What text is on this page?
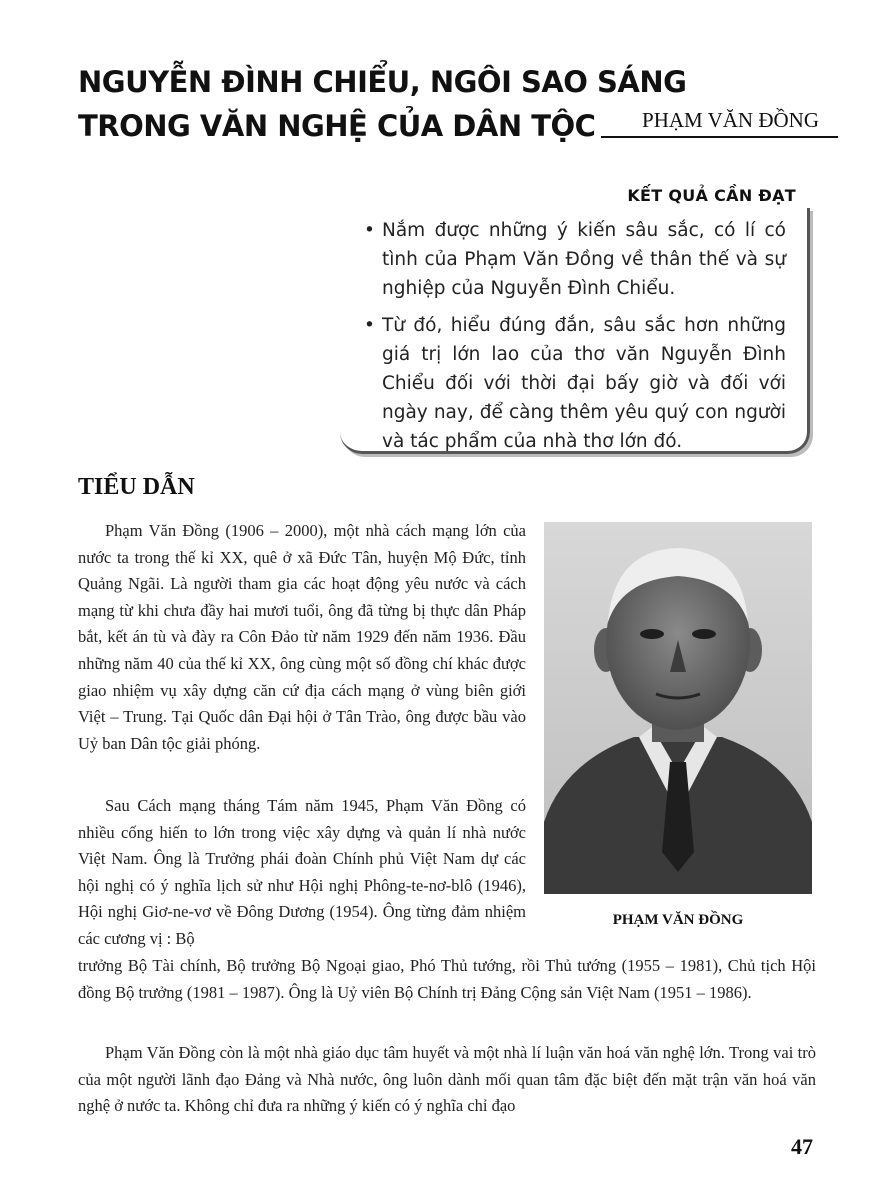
NGUYỄN ĐÌNH CHIỂU, NGÔI SAO SÁNG
TRONG VĂN NGHỆ CỦA DÂN TỘC	PHẠM VĂN ĐỒNG
KẾT QUẢ CẦN ĐẠT
• Nắm được những ý kiến sâu sắc, có lí có tình của Phạm Văn Đồng về thân thế và sự nghiệp của Nguyễn Đình Chiểu.
• Từ đó, hiểu đúng đắn, sâu sắc hơn những giá trị lớn lao của thơ văn Nguyễn Đình Chiểu đối với thời đại bấy giờ và đối với ngày nay, để càng thêm yêu quý con người và tác phẩm của nhà thơ lớn đó.
TIỂU DẪN

Phạm Văn Đồng (1906 – 2000), một nhà cách mạng lớn của nước ta trong thế kỉ XX, quê ở xã Đức Tân, huyện Mộ Đức, tỉnh Quảng Ngãi. Là người tham gia các hoạt động yêu nước và cách mạng từ khi chưa đầy hai mươi tuổi, ông đã từng bị thực dân Pháp bắt, kết án tù và đày ra Côn Đảo từ năm 1929 đến năm 1936. Đầu những năm 40 của thế kỉ XX, ông cùng một số đồng chí khác được giao nhiệm vụ xây dựng căn cứ địa cách mạng ở vùng biên giới Việt – Trung. Tại Quốc dân Đại hội ở Tân Trào, ông được bầu vào Uỷ ban Dân tộc giải phóng.

Sau Cách mạng tháng Tám năm 1945, Phạm Văn Đồng có nhiều cống hiến to lớn trong việc xây dựng và quản lí nhà nước Việt Nam. Ông là Trưởng phái đoàn Chính phủ Việt Nam dự các hội nghị có ý nghĩa lịch sử như Hội nghị Phông-te-nơ-blô (1946), Hội nghị Giơ-ne-vơ về Đông Dương (1954). Ông từng đảm nhiệm các cương vị : Bộ

trưởng Bộ Tài chính, Bộ trưởng Bộ Ngoại giao, Phó Thủ tướng, rồi Thủ tướng (1955 – 1981), Chủ tịch Hội đồng Bộ trưởng (1981 – 1987). Ông là Uỷ viên Bộ Chính trị Đảng Cộng sản Việt Nam (1951 – 1986).

Phạm Văn Đồng còn là một nhà giáo dục tâm huyết và một nhà lí luận văn hoá văn nghệ lớn. Trong vai trò của một người lãnh đạo Đảng và Nhà nước, ông luôn dành mối quan tâm đặc biệt đến mặt trận văn hoá văn nghệ ở nước ta. Không chỉ đưa ra những ý kiến có ý nghĩa chỉ đạo

PHẠM VĂN ĐỒNG
47
